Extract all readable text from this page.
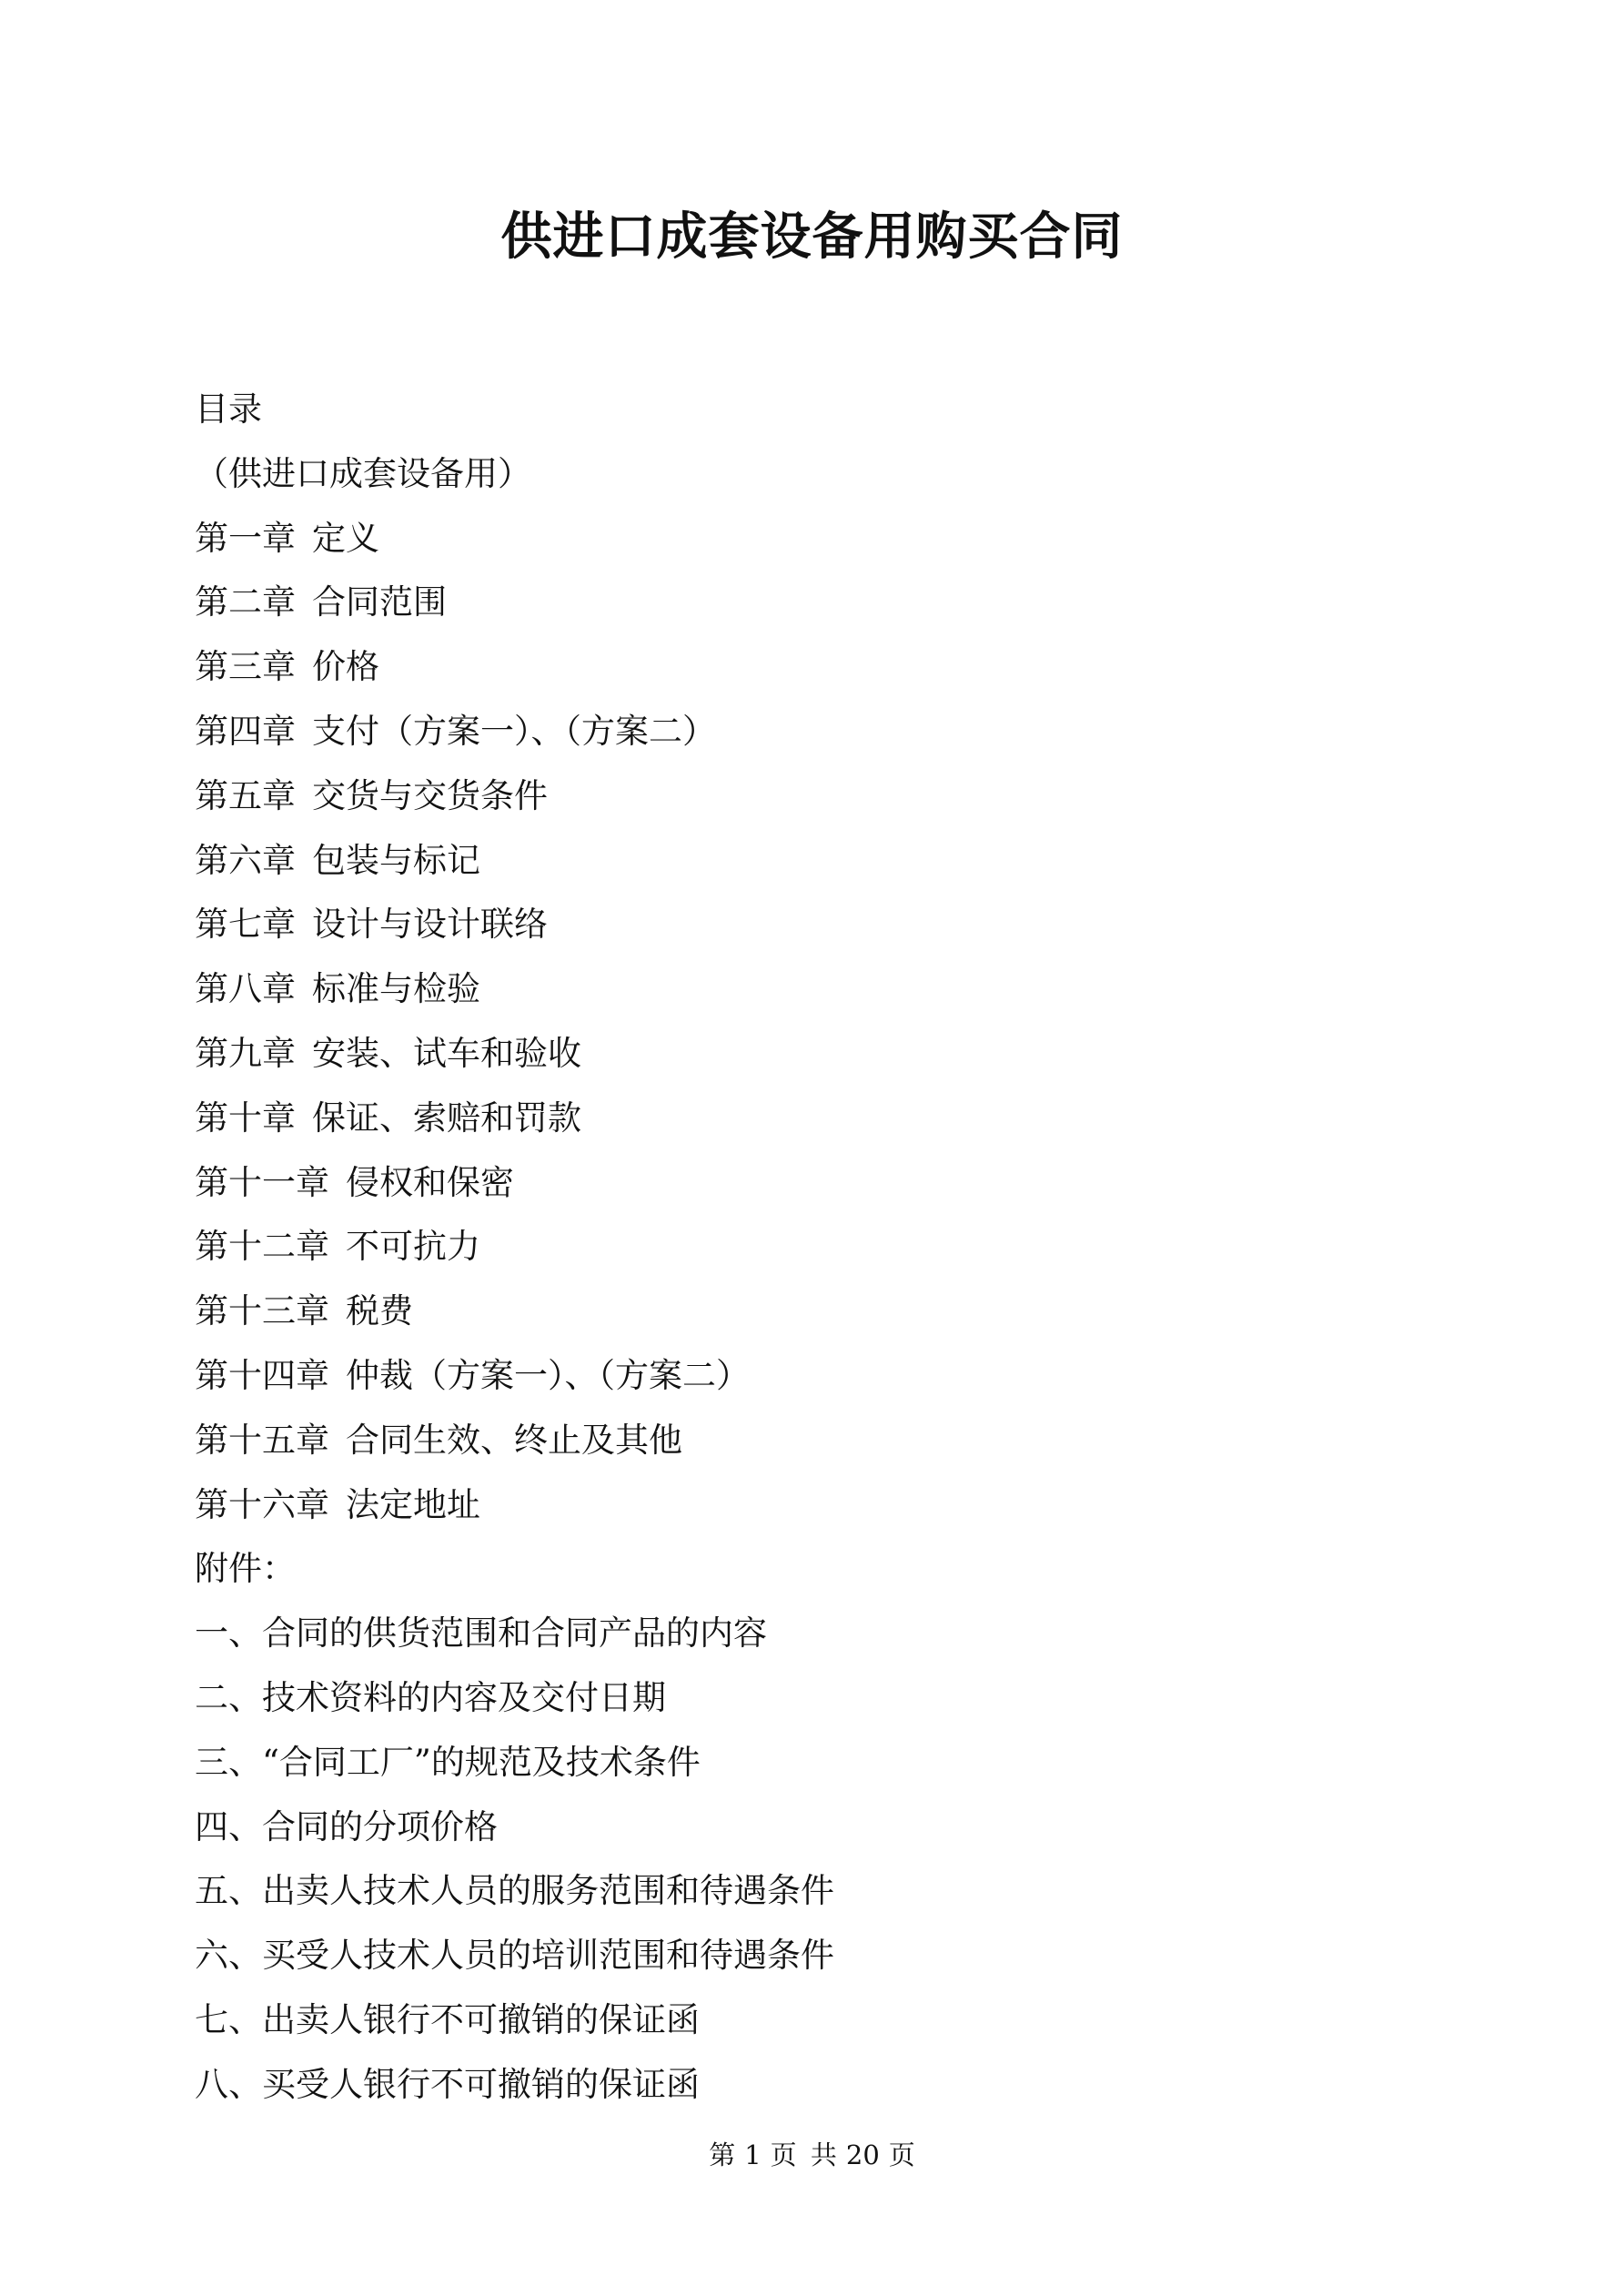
供进口成套设备用购买合同
目录
（供进口成套设备用）
第一章 定义
第二章 合同范围
第三章 价格
第四章 支付（方案一）、（方案二）
第五章 交货与交货条件
第六章 包装与标记
第七章 设计与设计联络
第八章 标准与检验
第九章 安装、试车和验收
第十章 保证、索赔和罚款
第十一章 侵权和保密
第十二章 不可抗力
第十三章 税费
第十四章 仲裁（方案一）、（方案二）
第十五章 合同生效、终止及其他
第十六章 法定地址
附件：
一、合同的供货范围和合同产品的内容
二、技术资料的内容及交付日期
三、“合同工厂”的规范及技术条件
四、合同的分项价格
五、出卖人技术人员的服务范围和待遇条件
六、买受人技术人员的培训范围和待遇条件
七、出卖人银行不可撤销的保证函
八、买受人银行不可撤销的保证函
第 1 页 共 20 页
